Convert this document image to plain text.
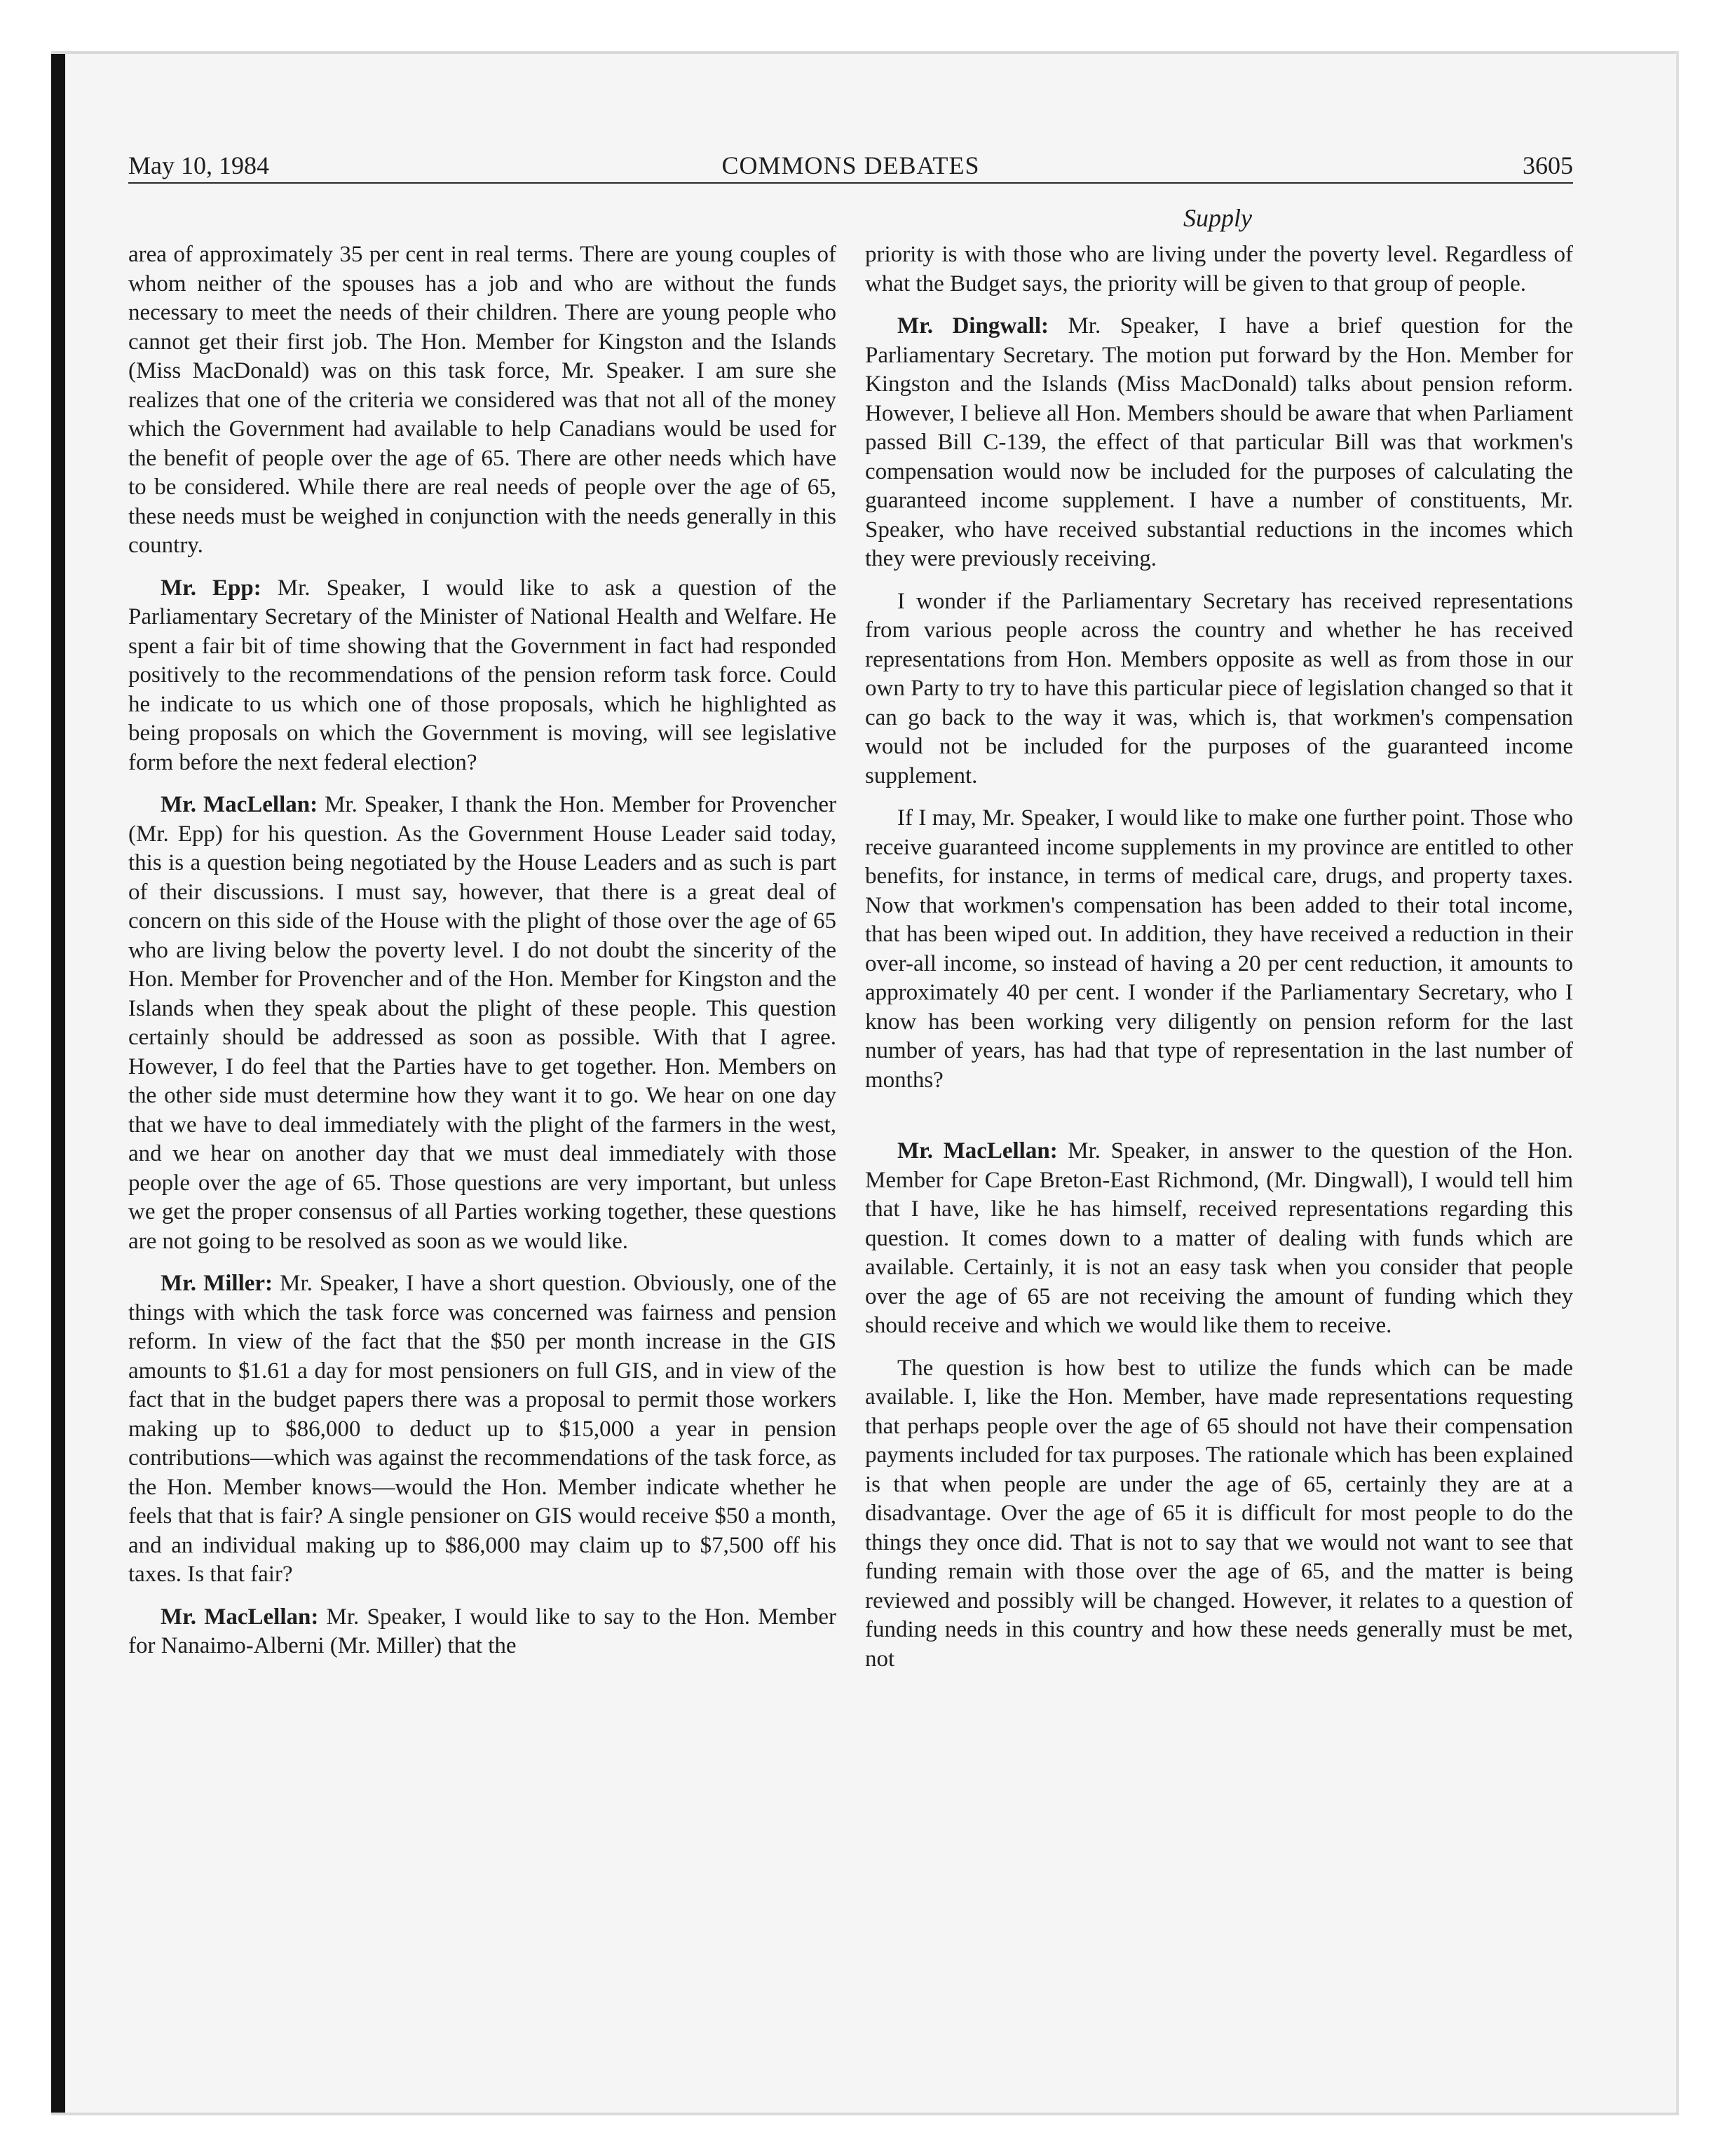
May 10, 1984	COMMONS DEBATES	3605
Supply

area of approximately 35 per cent in real terms. There are young couples of whom neither of the spouses has a job and who are without the funds necessary to meet the needs of their children. There are young people who cannot get their first job. The Hon. Member for Kingston and the Islands (Miss MacDonald) was on this task force, Mr. Speaker. I am sure she realizes that one of the criteria we considered was that not all of the money which the Government had available to help Canadians would be used for the benefit of people over the age of 65. There are other needs which have to be considered. While there are real needs of people over the age of 65, these needs must be weighed in conjunction with the needs generally in this country.

Mr. Epp: Mr. Speaker, I would like to ask a question of the Parliamentary Secretary of the Minister of National Health and Welfare. He spent a fair bit of time showing that the Government in fact had responded positively to the recommendations of the pension reform task force. Could he indicate to us which one of those proposals, which he highlighted as being proposals on which the Government is moving, will see legislative form before the next federal election?

Mr. MacLellan: Mr. Speaker, I thank the Hon. Member for Provencher (Mr. Epp) for his question. As the Government House Leader said today, this is a question being negotiated by the House Leaders and as such is part of their discussions. I must say, however, that there is a great deal of concern on this side of the House with the plight of those over the age of 65 who are living below the poverty level. I do not doubt the sincerity of the Hon. Member for Provencher and of the Hon. Member for Kingston and the Islands when they speak about the plight of these people. This question certainly should be addressed as soon as possible. With that I agree. However, I do feel that the Parties have to get together. Hon. Members on the other side must determine how they want it to go. We hear on one day that we have to deal immediately with the plight of the farmers in the west, and we hear on another day that we must deal immediately with those people over the age of 65. Those questions are very important, but unless we get the proper consensus of all Parties working together, these questions are not going to be resolved as soon as we would like.

Mr. Miller: Mr. Speaker, I have a short question. Obviously, one of the things with which the task force was concerned was fairness and pension reform. In view of the fact that the $50 per month increase in the GIS amounts to $1.61 a day for most pensioners on full GIS, and in view of the fact that in the budget papers there was a proposal to permit those workers making up to $86,000 to deduct up to $15,000 a year in pension contributions—which was against the recommendations of the task force, as the Hon. Member knows—would the Hon. Member indicate whether he feels that that is fair? A single pensioner on GIS would receive $50 a month, and an individual making up to $86,000 may claim up to $7,500 off his taxes. Is that fair?

Mr. MacLellan: Mr. Speaker, I would like to say to the Hon. Member for Nanaimo-Alberni (Mr. Miller) that the

priority is with those who are living under the poverty level. Regardless of what the Budget says, the priority will be given to that group of people.

Mr. Dingwall: Mr. Speaker, I have a brief question for the Parliamentary Secretary. The motion put forward by the Hon. Member for Kingston and the Islands (Miss MacDonald) talks about pension reform. However, I believe all Hon. Members should be aware that when Parliament passed Bill C-139, the effect of that particular Bill was that workmen's compensation would now be included for the purposes of calculating the guaranteed income supplement. I have a number of constituents, Mr. Speaker, who have received substantial reductions in the incomes which they were previously receiving.

I wonder if the Parliamentary Secretary has received representations from various people across the country and whether he has received representations from Hon. Members opposite as well as from those in our own Party to try to have this particular piece of legislation changed so that it can go back to the way it was, which is, that workmen's compensation would not be included for the purposes of the guaranteed income supplement.

If I may, Mr. Speaker, I would like to make one further point. Those who receive guaranteed income supplements in my province are entitled to other benefits, for instance, in terms of medical care, drugs, and property taxes. Now that workmen's compensation has been added to their total income, that has been wiped out. In addition, they have received a reduction in their over-all income, so instead of having a 20 per cent reduction, it amounts to approximately 40 per cent. I wonder if the Parliamentary Secretary, who I know has been working very diligently on pension reform for the last number of years, has had that type of representation in the last number of months?

Mr. MacLellan: Mr. Speaker, in answer to the question of the Hon. Member for Cape Breton-East Richmond, (Mr. Dingwall), I would tell him that I have, like he has himself, received representations regarding this question. It comes down to a matter of dealing with funds which are available. Certainly, it is not an easy task when you consider that people over the age of 65 are not receiving the amount of funding which they should receive and which we would like them to receive.

The question is how best to utilize the funds which can be made available. I, like the Hon. Member, have made representations requesting that perhaps people over the age of 65 should not have their compensation payments included for tax purposes. The rationale which has been explained is that when people are under the age of 65, certainly they are at a disadvantage. Over the age of 65 it is difficult for most people to do the things they once did. That is not to say that we would not want to see that funding remain with those over the age of 65, and the matter is being reviewed and possibly will be changed. However, it relates to a question of funding needs in this country and how these needs generally must be met, not
